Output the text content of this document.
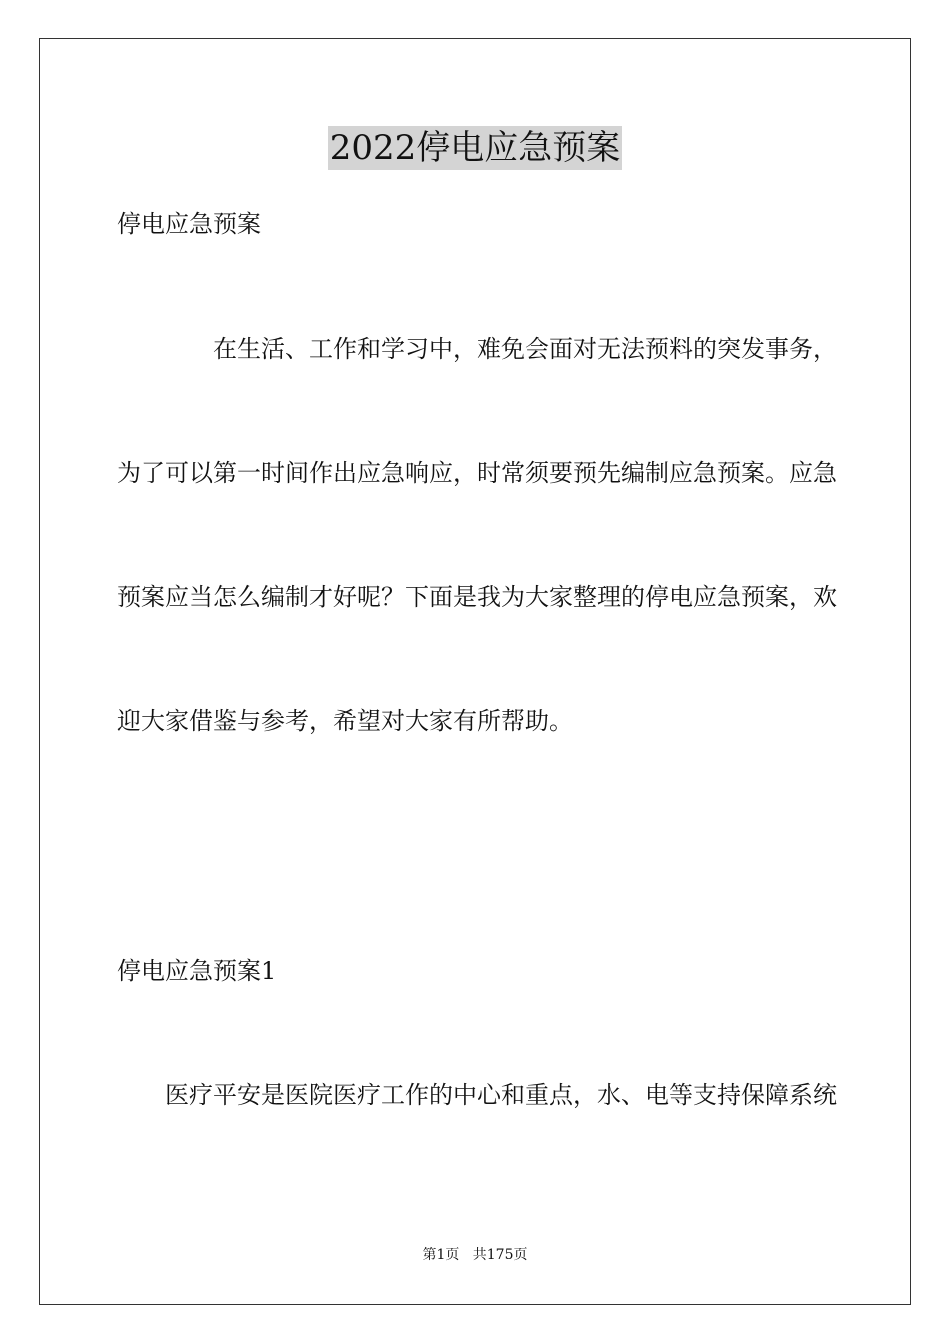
2022停电应急预案
停电应急预案
在生活、工作和学习中，难免会面对无法预料的突发事务，
为了可以第一时间作出应急响应，时常须要预先编制应急预案。应急
预案应当怎么编制才好呢？下面是我为大家整理的停电应急预案，欢
迎大家借鉴与参考，希望对大家有所帮助。
停电应急预案1
医疗平安是医院医疗工作的中心和重点，水、电等支持保障系统
第1页 共175页
